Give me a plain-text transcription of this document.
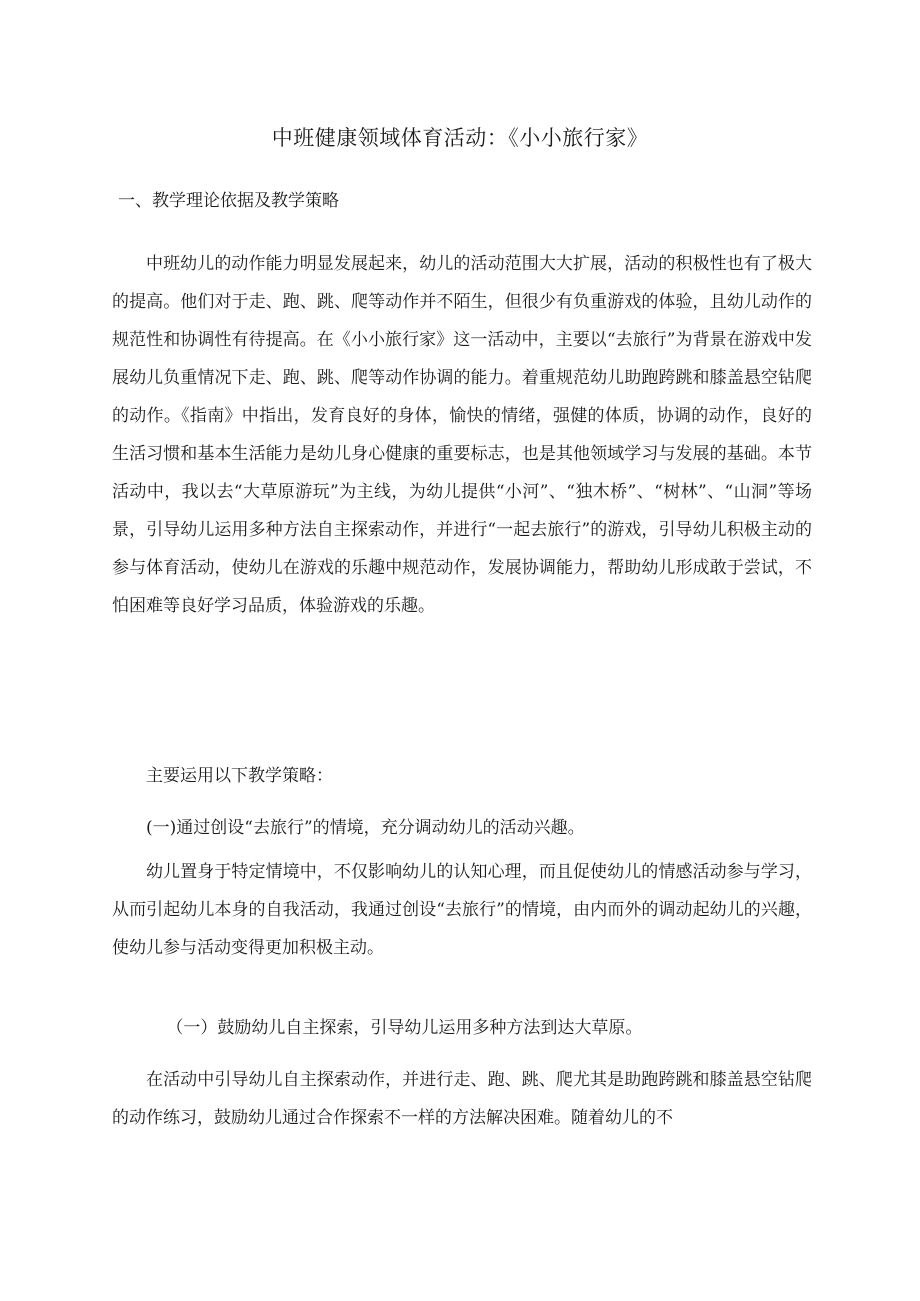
中班健康领域体育活动：《小小旅行家》
一、教学理论依据及教学策略

中班幼儿的动作能力明显发展起来，幼儿的活动范围大大扩展，活动的积极性也有了极大的提高。他们对于走、跑、跳、爬等动作并不陌生，但很少有负重游戏的体验，且幼儿动作的规范性和协调性有待提高。在《小小旅行家》这一活动中，主要以“去旅行”为背景在游戏中发展幼儿负重情况下走、跑、跳、爬等动作协调的能力。着重规范幼儿助跑跨跳和膝盖悬空钻爬的动作。《指南》中指出，发育良好的身体，愉快的情绪，强健的体质，协调的动作，良好的生活习惯和基本生活能力是幼儿身心健康的重要标志，也是其他领域学习与发展的基础。本节活动中，我以去“大草原游玩”为主线，为幼儿提供“小河”、“独木桥”、“树林”、“山洞”等场景，引导幼儿运用多种方法自主探索动作，并进行“一起去旅行”的游戏，引导幼儿积极主动的参与体育活动，使幼儿在游戏的乐趣中规范动作，发展协调能力，帮助幼儿形成敢于尝试，不怕困难等良好学习品质，体验游戏的乐趣。

主要运用以下教学策略：

(一)通过创设“去旅行”的情境，充分调动幼儿的活动兴趣。

幼儿置身于特定情境中，不仅影响幼儿的认知心理，而且促使幼儿的情感活动参与学习，从而引起幼儿本身的自我活动，我通过创设“去旅行”的情境，由内而外的调动起幼儿的兴趣，使幼儿参与活动变得更加积极主动。

（一）鼓励幼儿自主探索，引导幼儿运用多种方法到达大草原。

在活动中引导幼儿自主探索动作，并进行走、跑、跳、爬尤其是助跑跨跳和膝盖悬空钻爬的动作练习，鼓励幼儿通过合作探索不一样的方法解决困难。随着幼儿的不
